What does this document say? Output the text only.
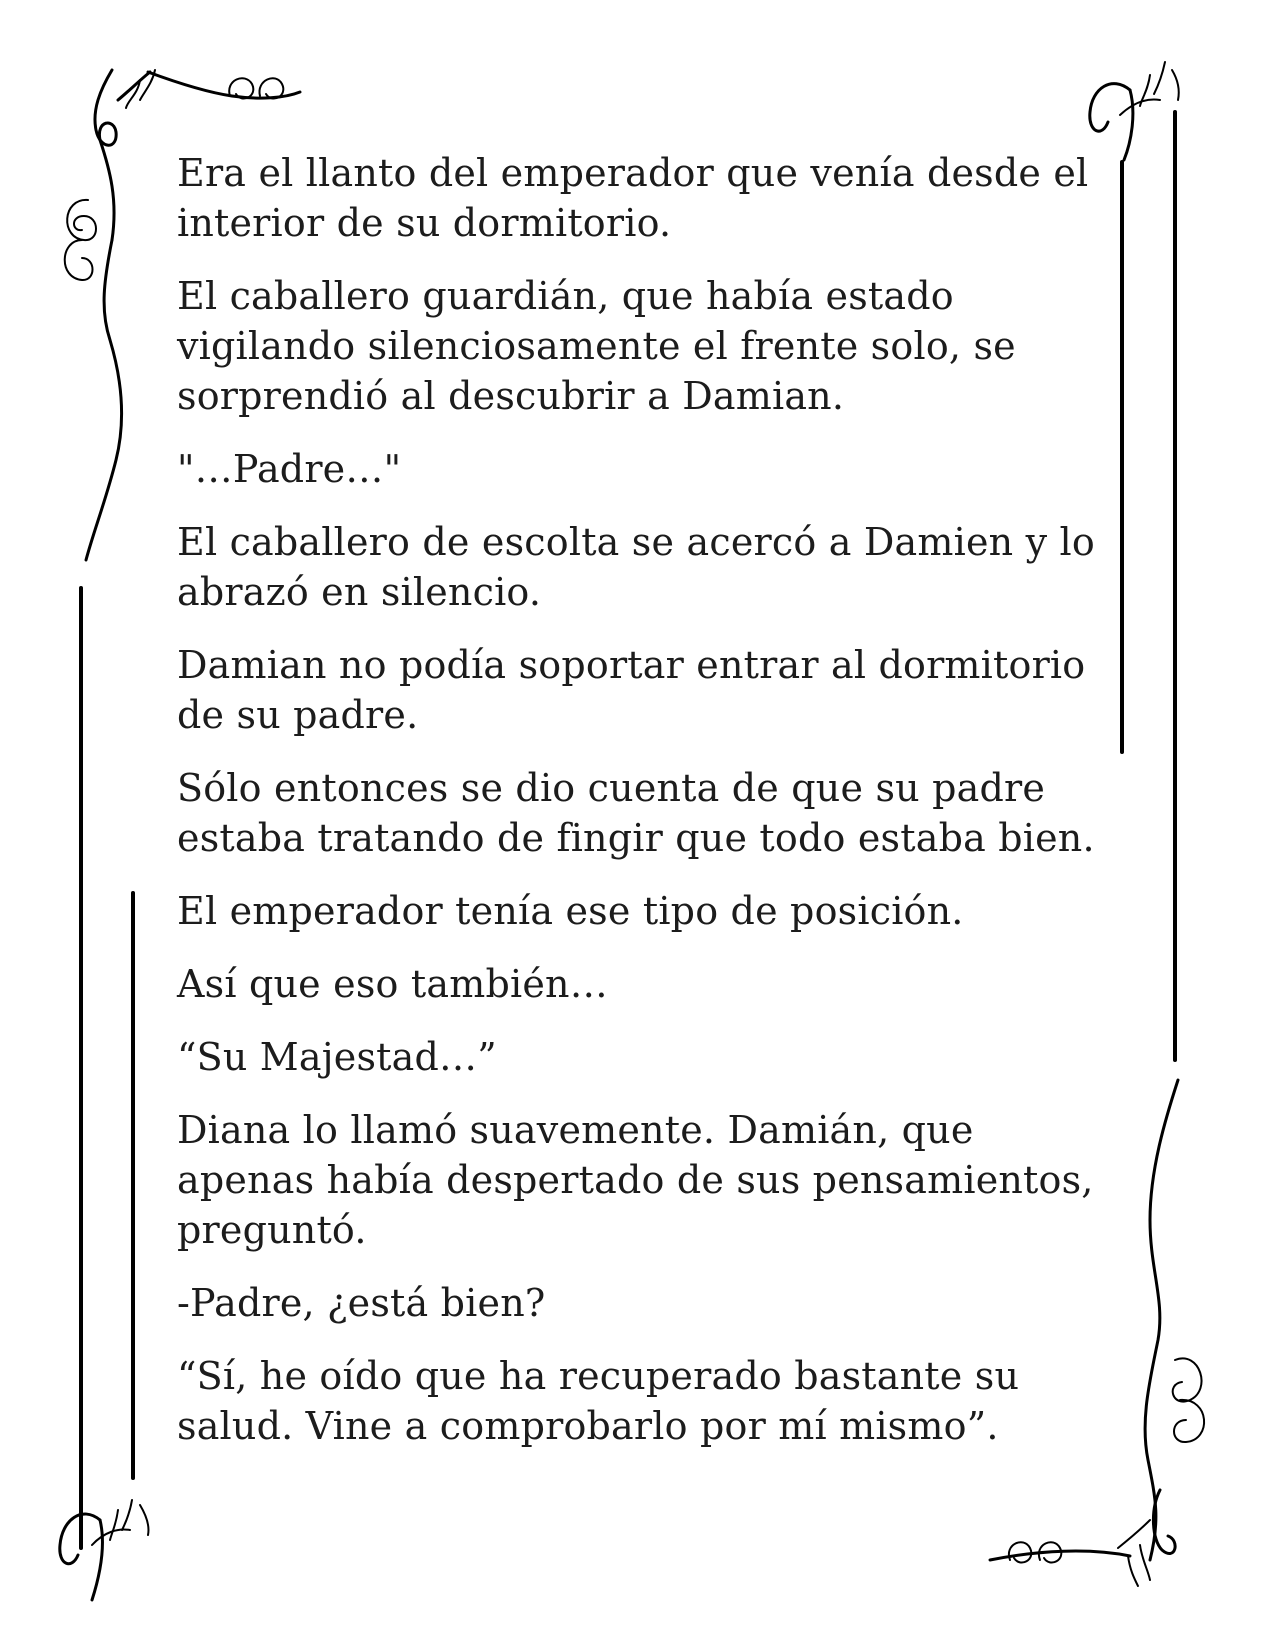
Era el llanto del emperador que venía desde el interior de su dormitorio.

El caballero guardián, que había estado vigilando silenciosamente el frente solo, se sorprendió al descubrir a Damian.

"…Padre…"

El caballero de escolta se acercó a Damien y lo abrazó en silencio.

Damian no podía soportar entrar al dormitorio de su padre.

Sólo entonces se dio cuenta de que su padre estaba tratando de fingir que todo estaba bien.

El emperador tenía ese tipo de posición.

Así que eso también…

“Su Majestad…”

Diana lo llamó suavemente. Damián, que apenas había despertado de sus pensamientos, preguntó.

-Padre, ¿está bien?

“Sí, he oído que ha recuperado bastante su salud. Vine a comprobarlo por mí mismo”.
